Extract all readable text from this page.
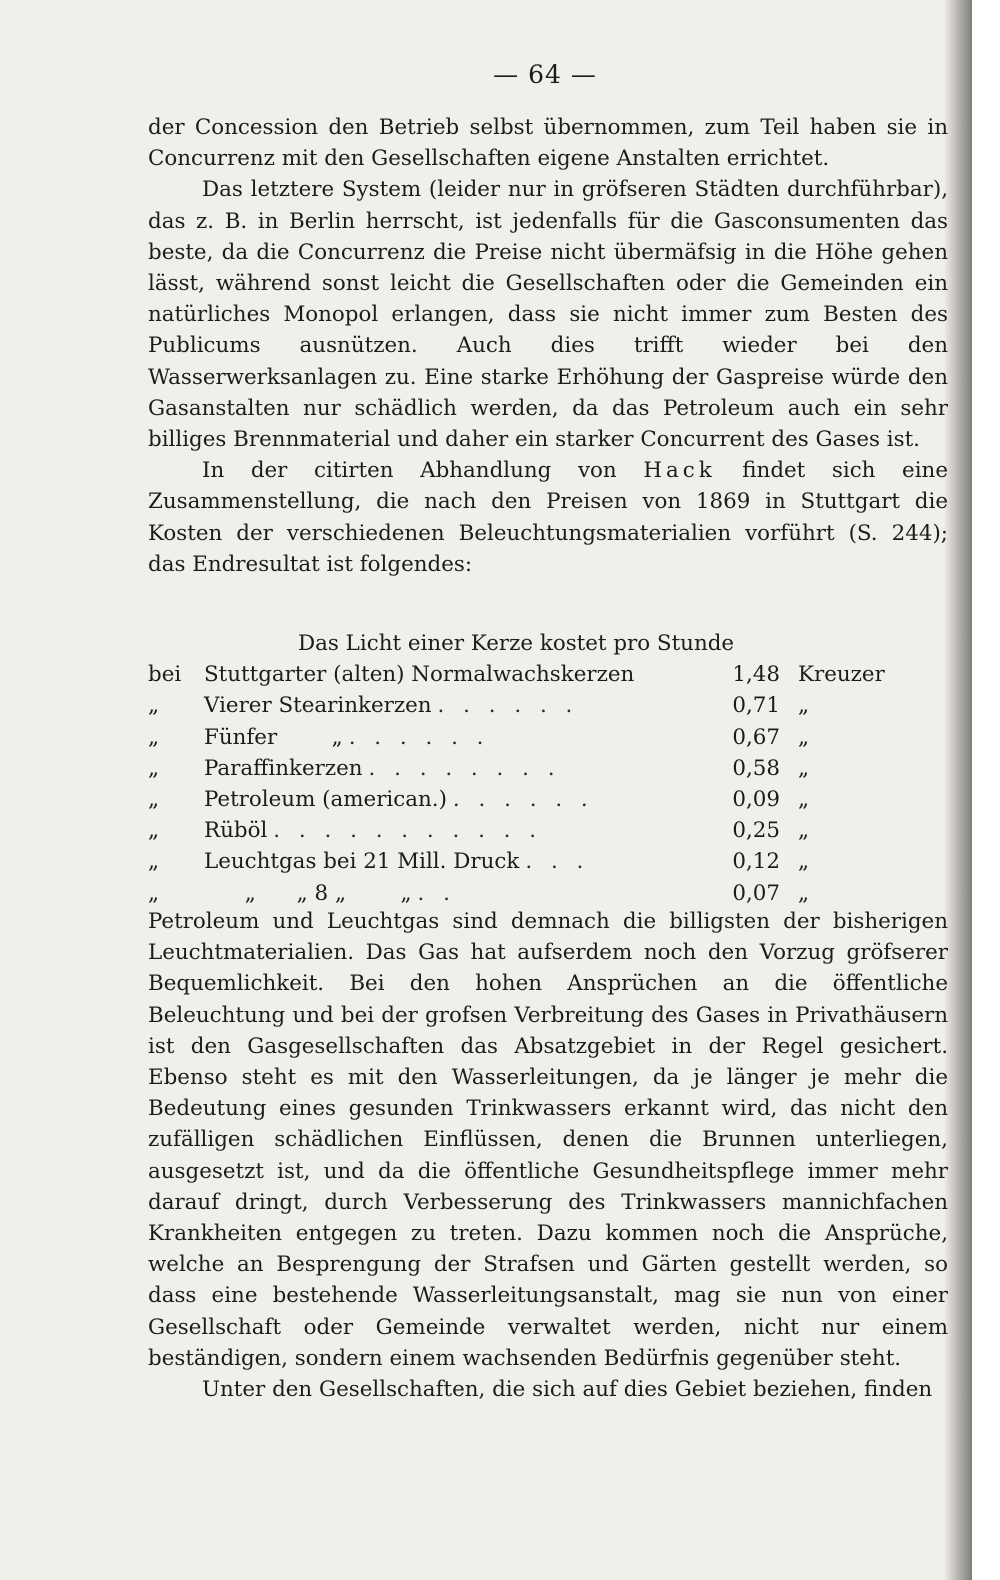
— 64 —

der Concession den Betrieb selbst übernommen, zum Teil haben sie in Concurrenz mit den Gesellschaften eigene Anstalten errichtet.

Das letztere System (leider nur in gröfseren Städten durchführbar), das z. B. in Berlin herrscht, ist jedenfalls für die Gasconsumenten das beste, da die Concurrenz die Preise nicht übermäfsig in die Höhe gehen lässt, während sonst leicht die Gesellschaften oder die Gemeinden ein natürliches Monopol erlangen, dass sie nicht immer zum Besten des Publicums ausnützen. Auch dies trifft wieder bei den Wasserwerksanlagen zu. Eine starke Erhöhung der Gaspreise würde den Gasanstalten nur schädlich werden, da das Petroleum auch ein sehr billiges Brennmaterial und daher ein starker Concurrent des Gases ist.

In der citirten Abhandlung von Hack findet sich eine Zusammenstellung, die nach den Preisen von 1869 in Stuttgart die Kosten der verschiedenen Beleuchtungsmaterialien vorführt (S. 244); das Endresultat ist folgendes:

Das Licht einer Kerze kostet pro Stunde
bei	Stuttgarter (alten) Normalwachskerzen	1,48 Kreuzer
„	Vierer Stearinkerzen . . . . . .	0,71 „
„	Fünfer        „ . . . . . .	0,67 „
„	Paraffinkerzen . . . . . . . .	0,58 „
„	Petroleum (american.) . . . . . .	0,09 „
„	Rüböl . . . . . . . . . . .	0,25 „
„	Leuchtgas bei 21 Mill. Druck . . .	0,12 „
„	„      „ 8 „        „ . .	0,07 „

Petroleum und Leuchtgas sind demnach die billigsten der bisherigen Leuchtmaterialien. Das Gas hat aufserdem noch den Vorzug gröfserer Bequemlichkeit. Bei den hohen Ansprüchen an die öffentliche Beleuchtung und bei der grofsen Verbreitung des Gases in Privathäusern ist den Gasgesellschaften das Absatzgebiet in der Regel gesichert. Ebenso steht es mit den Wasserleitungen, da je länger je mehr die Bedeutung eines gesunden Trinkwassers erkannt wird, das nicht den zufälligen schädlichen Einflüssen, denen die Brunnen unterliegen, ausgesetzt ist, und da die öffentliche Gesundheitspflege immer mehr darauf dringt, durch Verbesserung des Trinkwassers mannichfachen Krankheiten entgegen zu treten. Dazu kommen noch die Ansprüche, welche an Besprengung der Strafsen und Gärten gestellt werden, so dass eine bestehende Wasserleitungsanstalt, mag sie nun von einer Gesellschaft oder Gemeinde verwaltet werden, nicht nur einem beständigen, sondern einem wachsenden Bedürfnis gegenüber steht.

Unter den Gesellschaften, die sich auf dies Gebiet beziehen, finden
